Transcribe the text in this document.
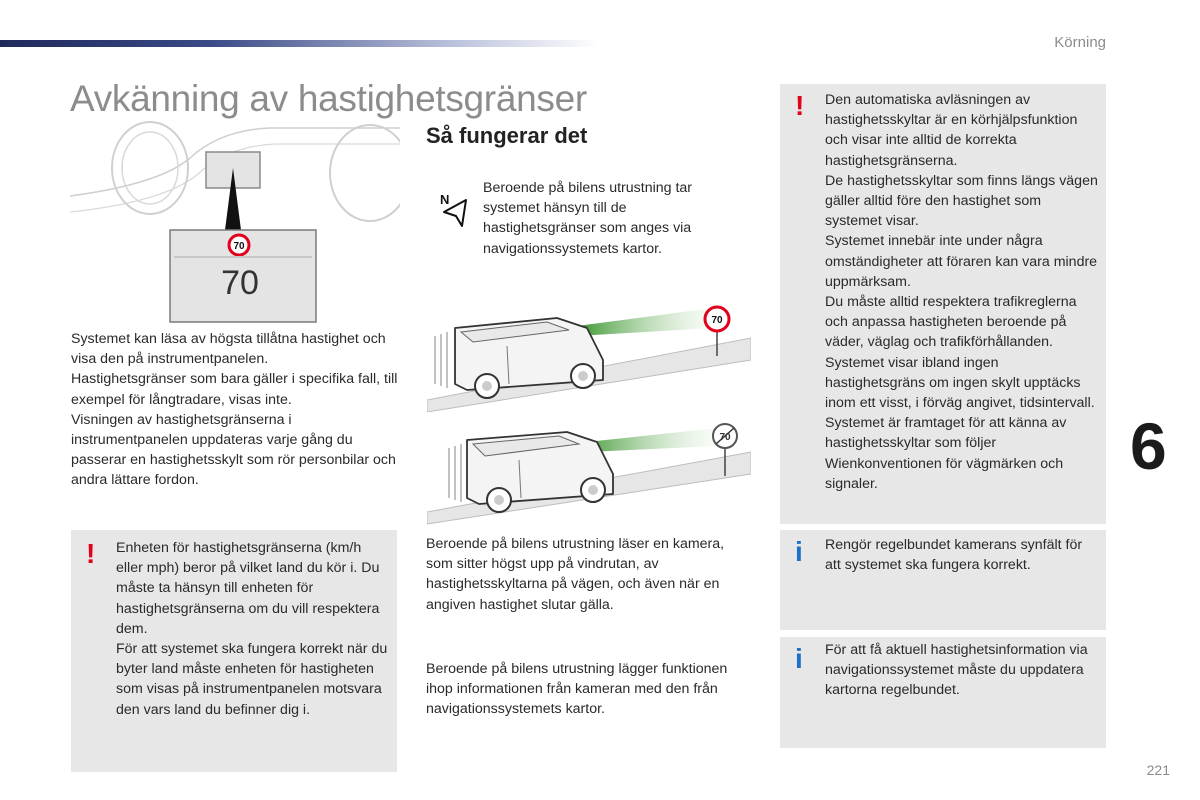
Körning
Avkänning av hastighetsgränser
70
70
Systemet kan läsa av högsta tillåtna hastighet och visa den på instrumentpanelen.
Hastighetsgränser som bara gäller i specifika fall, till exempel för långtradare, visas inte.
Visningen av hastighetsgränserna i instrumentpanelen uppdateras varje gång du passerar en hastighetsskylt som rör personbilar och andra lättare fordon.
! Enheten för hastighetsgränserna (km/h eller mph) beror på vilket land du kör i. Du måste ta hänsyn till enheten för hastighetsgränserna om du vill respektera dem.
För att systemet ska fungera korrekt när du byter land måste enheten för hastigheten som visas på instrumentpanelen motsvara den vars land du befinner dig i.
Så fungerar det
N
Beroende på bilens utrustning tar systemet hänsyn till de hastighetsgränser som anges via navigationssystemets kartor.
70
70
Beroende på bilens utrustning läser en kamera, som sitter högst upp på vindrutan, av hastighetsskyltarna på vägen, och även när en angiven hastighet slutar gälla.
Beroende på bilens utrustning lägger funktionen ihop informationen från kameran med den från navigationssystemets kartor.
! Den automatiska avläsningen av hastighetsskyltar är en körhjälpsfunktion och visar inte alltid de korrekta hastighetsgränserna.
De hastighetsskyltar som finns längs vägen gäller alltid före den hastighet som systemet visar.
Systemet innebär inte under några omständigheter att föraren kan vara mindre uppmärksam.
Du måste alltid respektera trafikreglerna och anpassa hastigheten beroende på väder, väglag och trafikförhållanden.
Systemet visar ibland ingen hastighetsgräns om ingen skylt upptäcks inom ett visst, i förväg angivet, tidsintervall.
Systemet är framtaget för att känna av hastighetsskyltar som följer Wienkonventionen för vägmärken och signaler.
i Rengör regelbundet kamerans synfält för att systemet ska fungera korrekt.
i För att få aktuell hastighetsinformation via navigationssystemet måste du uppdatera kartorna regelbundet.
6
221
